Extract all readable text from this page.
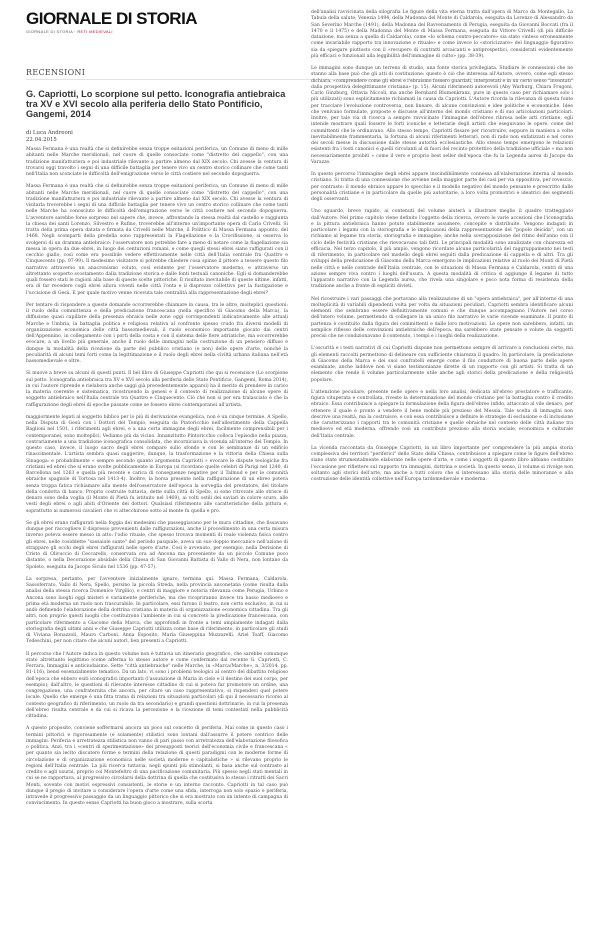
GIORNALE DI STORIA
GIORNALE DI STORIA · RETI MEDIEVALI
RECENSIONI
G. Capriotti, Lo scorpione sul petto. Iconografia antiebraica tra XV e XVI secolo alla periferia dello Stato Pontificio, Gangemi, 2014
di Luca Andreoni
22.04.2015

Massa Fermana è una realtà che si definirebbe senza troppe esitazioni periferica, un Comune di meno di mille abitanti nelle Marche meridionali, nel cuore di quelle consociate come "distretto del cappello", con una tradizione manifatturiera e poi industriale rilevante a partire almeno dal XIX secolo. Chi avesse la ventura di trovarsi oggi travolto i segni di una difficile battaglia per tenere vivo un centro storico collinare che come tanti nell'Italia non sconciate le difficoltà dell'emigrazione verso le città costiere nel secondo dopoguerra.

Massa Fermana è una realtà che si definirebbe senza troppe esitazioni periferica, un Comune di meno di mille abitanti nelle Marche meridionali, nel cuore di quelle consociate come "distretto del cappello", con una tradizione manifatturiera e poi industriale rilevante a partire almeno dal XIX secolo. Chi avesse la ventura di visitarla troverebbe i segni di una difficile battaglia per tenere vivo un centro storico collinare che come tanti nelle Marche ha conosciuto le difficoltà dell'emigrazione verso le città costiere nel secondo dopoguerra. L'avventore sarebbe forse sorpreso nel sapere che, invece, affrontando la stessa realtà dal castello e raggiunta la chiesa dei santi Lorenzo, Silvestro e Rufino, troverebbe all'interno un'importante opera di Carlo Crivelli. Si tratta della prima opera datata e firmata da Crivelli nelle Marche, il Polittico di Massa Fermana appunto, del 1468. Negli scomparti della predella sono rappresentati la Flagellazione e la Crocifissione, si osserva lo svolgersi di un dramma antiebraico: l'osservatore non potrebbe fare a meno di notare come la flagellazione sia messa in opera da due ebrei, in luogo dei centurioni romani, e come quegli stessi ebrei siano raffigurati con il cecchio giallo, così come era possibile vedere effettivamente nelle città dell'Italia centrale fra Quattro e Cinquecento (pp. 97-99). Il medesimo visitatore si potrebbe chiedere cosa spinse il pittore a tessere questo filo narrativo attraverso un anacronismo voluto, così evidente per l'osservatore moderno, e attraverso un altrettanto scoperto scostamento dalla tradizione storica e dalle fonti testuali canoniche. Egli si domanderebbe quali fossero stati le ragioni alla base di queste scelte pittoriche. Il risultato inevitabile di queste ultime, infatti, era di far recedere cogli ebrei allora viventi nelle città l'onta e il disprezzo collettivo per la fustigazione e l'uccisione di Gesù. E per quale motivo venne ricevuta tale centralità alla rappresentazione degli ebrei?

Per tentare di rispondere a queste domande occorrerebbe chiamare in causa, tra le altre, molteplici questioni: il ruolo della committenza e della predicazione francescana (nella specifico di Giacomo della Marca), la diffusione quasi capillare della presenza ebraica nelle zone oggi corrispondenti indicativamente alle attuali Marche e Umbria, la battaglia politica e religiosa relativa al confronto spesso crudo fra diversi modelli di organizzazione economica delle città bassomedievali, il ruolo economico importante giocato dai centri dell'Appennino, in collegamento con i porti della costa e con il sistema delle fiere adriatiche, ma occorrerebbe evocare, a un livello più generale, anche il ruolo delle immagini nella costruzione di un pensiero diffuso e dunque la modalità della ricezione da parte del pubblico cristiano (e non) delle opere d'arte, nonché la peculiarità di alcuni temi forti come la legittimazione e il ruolo degli ebrei nella civiltà urbana italiana nell'età bassomedievale e oltre.

Si muove a breve su alcuni di questi punti. Il bel libro di Giuseppe Capriotti che qui si recensisce (Lo scorpione sul petto. Iconografia antiebraica tra XV e XVI secolo alla periferia dello Stato Pontificio, Gangemi, Roma 2014), in cui l'autore riprende e rielabora anche saggi già precedentemente apparsi) ha il merito di prendere in carico la materia coerente e sistematica, ricostruendo la genesi e il contesto di realizzazione di alcune opere di soggetto antiebraico nell'Italia centrale tra Quattro e Cinquecento. Ciò che non si per era tralasciato è che la raffigurazione degli ebrei di epoche passate come se fossero ebrei contemporanei all'artista,

maggiormente legati al soggetto biblico per lo più di derivazione evangelica, non è un cinque termine. A Spello, nella Disputa di Gesù con i Dottori del Tempio, eseguita da Pintoricchio nell'allestimento della Cappella Baglioni nel 1501, i riferimenti agli ebrei, e a una certa immagine degli ebrei, facilmente comprensibili per i contemporanei, sono molteplici. Vediamo più da vicino. Innanzitutto Pintoricchio colloca l'episodio nella piazza, contrariamente a una tradizione iconografica consolidata, che incorniciava la vicenda all'interno del Tempio. In questo caso, invece, il luogo sacro degli ebrei compare sullo sfondo e con le sembianze di un edificio rinascimentale. L'artista sembra quasi suggerire, dunque, la trasformazione e la vittoria della Chiesa sulla Sinagoga: e probabilmente « sempre secondo quanto argomenta Capriotti » evocare le dispute teologiche fra cristiani ed ebrei che si erano svolte pubblicamente in Europa (si ricordano quelle celebri di Parigi nel 1240, di Barcellona nel 1263 e quella più recente e carica di conseguenze negative per il Talmud e per le comunità ebraiche spagnole di Tortosa nel 1413-4). Inoltre, la borsa presente nella raffigurazione di un ebreo poteva senza troppa fatica richiamare alla mente dell'osservatore dell'epoca la sorveglia del prestatore, del titolare della condotta di banco. Proprio costruite tuttavia, dette sulla città di Spello, si sono ritrovate alle strisce di denaro sono della voglia (il Monte di Pietà fu istituito nel 1469), ai volti ostili dei saviari in colore scuro, alle vesti degli ebrei o agli abiti d'Oriente dei dottori. Qualsiasi riferimento alle caratteristiche della pittura e, soprattutto ai numerosi cavalieri che vi attecchirono sotto al monte fu quella e pro.

Se gli ebrei erano raffigurati nella foggia dei medesimi che passeggiavano per le mura cittadine, che fissavano dunque per raccogliere il dispresso provenienti dalle raffigurazioni, anche il procedimento in una certa misura inverso poteva essere messo in atto: l'odio rituale, che spesso trovava momenti di reale violenza fisica contro gli ebrei, nelle cosiddette "sassaiole sante" del periodo pasquale, aveva un suo doppio meccanico nell'azione di strappare gli occhi degli ebrei raffigurati nelle opere d'arte. Così è avvenuto, per esempio, nella Derisione di Cristo di Olivuccio di Ceccarello, conservata ora ad Ancona ma proveniente da un piccolo Comune poco distante, o nella Decorazione absidale della Chiesa di San Giovanni Battista di Vallo di Nera, non lontano da Spoleto, eseguita da Jacopo Siculo nel 1536 (pp. 47-57).

La sorpresa, pertanto, per l'avventore inizialmente ignaro, termina qui. Massa Fermana, Caldarola, Sassoferrato, Vallo di Nera, Spello, persino la piccola Streda, nella provincia anconetana (come risulta dalla analisi della stessa ricerca Domenico Virgilio), e centri di maggiore e notoria rilevanza come Perugia, Urbino e Ancona sono luoghi oggi misteri e variamente periferiche, ma che ricopriranno invece tra basso medioevo e prima età moderna un ruolo non trascurabile. In particolare, essi furono il teatro, non certo esclusivo, in cui si andò definendo l'elaborazione della dottrina cristiana in materia di organizzazione economica cittadina. Tra gli altri, non proprio questi luoghi che costituirono l'ambiente in cui si concretò la predicazione francescana, con particolare riferimento a Giacomo della Marca, che approfondì in fronte a temi ampiamente indagati dalla storiografia degli ultimi anni e che Giuseppe Capriotti utilizza come base di riferimento, in particolare gli studi di Viviana Bonazzoli, Mauro Carboni, Anna Esposito, Maria Giuseppina Muzzarelli, Ariel Toaff, Giacomo Todeschini, per non citare che alcuni autori, ben presenti a Capriotti.

Il percorso che l'Autore indica in questo volume non è tuttavia un itinerario geografico, che sarebbe comunque stato altrettanto legittimo (come afferma lo stesso autore e come confermato dal recente G. Capriotti, C. Ferrara, Immagini e anticiudaismo. Sette "città antiebraiche" nelle Marche, in «Marca/Marche», n. 3/2014, pp. 81-116), bensì essenzialmente tematico. Da un lato, vi sono i problemi teologici al centro del dibattito religioso dell'epoca che ebbero esiti iconografici importanti (l'assunzione di Maria in cielo e il destino dei suoi corpo, per esempio); dall'altro, le questioni di rilevante interesse cittadino di cui si poteva far promotore un ordine, una congregazione, una confraternita che ancora, per citare un caso rappresentativo, si rispendevi quel potere locale. Quello che emerge è una fitta trama di relazioni tra situazioni particolari (di qui il necessario ricorso al contesto geografico di riferimento, un ruolo da tra secondario) e grandi questioni dottrinarie, in cui la presenza dell'ebreo risulta centrale e da cui si ricava la percezione e la ricezione di temi contestati nella pubblicità cittadina.

A questo proposito, conviene soffermarsi ancora un poco sul concetto di periferia. Mai come in questo caso i termini pittorici e rigorosamente (e solamente) stilistici sono lontani dall'assurre il potere centrico delle immagini. Periferia e arretratezza stilistica non vanno di pari passo con arretratezza dell'elaborazione filosofica o politica. Anzi, tra i «centri di sperimentazione» dei presupposti teorici dell'economia civile e francescana « per quanto sia lecito discutere forme e termini della relazione di questi paradigmi con le moderne forme di circolazione e di organizzazione economica nelle società moderne e capitalistiche » si rilevano proprio le regioni dell'Italia centrale. La più ricerca tuttavia, negli spunti più stimolanti, si basa anche sul contrasto al credito e agli usurai, proprio coi Montefeltro di una pacificazione comunitaria. Più spesso negli stati mentali in cui se ne rapportava, al progressivo circolarsi della dottrina di quella che costitusiva lo stesso i ritratti dei Sacri Monti, sovente con motivi espressivi consistenti, le storie e un interno racconto. Capriotti in tal caso può dunque il pregio di invitare a considerare l'opera d'arte come una sfida, interroga non solo spazio e periferia, intravede il progressivo passaggio da un linguaggio pittorico che si era mostrato con un intento di campagna di convincimento. In questo senso Capriotti ha buon gioco a mostrare, sulla scorta

dell'analisi ravvicinata della silografia Le figure della vita eterna tratta dall'opera di Marco da Montegallo, La Tabula della salute, Venezia 1494, della Madonna del Monte di Caldarola, eseguita da Lorenzo di Alessandro da San Severino Marche (1491), della Madonna del Ravvenamento di Perugia, eseguita da Giovanni Boccati (fra il 1470 e il 1475) e della Madonna del Monte di Massa Fermana, eseguita da Vittore Crivelli (di più difficile datazione, ma senza a quella di Caldarola), come «lo schema contro-peccatore» sia stato «inteso erroneamente come invariabile rapporto tra innovazione e rituale» e come invece lo «storicizzare» del linguaggio figurativo sia da spiegare piuttosto con il «recupero di contratti arcaicanti e antiprospettici, considerati evidentemente più efficaci e funzionali alla leggibilità dell'immagine di culto» (pp. 38-39).

Le immagini sono dunque un terreno di studio, una fonte storica privilegiata. Studiare le connessioni che ne stanno alla base può che gli atti di costituzione: questo è ciò che interessa all'Autore, ovvero, come egli stesso dichiara, «comprendere come gli ebrei e l'ebraismo fossero guardati, interpretati e in un certo senso "inventati" dalla prospettiva delegittimante cristiana» (p. 15). Alcuni riferimenti autorevoli (Aby Warburg, Chiara Frugoni, Carlo Ginzburg, Ottavia Niccoli, ma anche Bernhard Blumenkranz, pure in questo caso per richiamare solo i più utilizzati) sono esplicitamente richiamati in causa da Capriotti. L'Autore ricorda la rilevanza di questa fonte per tracciare l'evoluzione controversa, non lineare, di alcune convinzioni e idee politiche e economiche. Idee che venivano formulate, proposte e discusse all'interno del mondo cristiano e di suo articolazioni particolari. Inoltre, per tale via di ricerca a sempre ravvicinato l'immagine dell'ebreo ribrosa nelle arti cristiane, egli intende mostrare quali fossero le forti iconiche e letterarie degli artisti che eseguivano le opere, come del committenti che le ordinavano. Allo stesso tempo, Capriotti fissare per ricostruire, seppure in maniera a volte inevitabilmente frammentaria, la fortuna di alcuni riferimenti letterari, non di rado non enfatizzati e nel corso dei secoli messe in discussione dalle stesse autorità ecclesiastiche. Allo stesso tempo emergono le relazioni esistenti fra i testi canonici e quelli circolanti al di fuori del recinto protettivo della tradizione ufficiale « ma non necessariamente proibiti » come il vero e proprio best seller dell'epoca che fu la Legenda aurea di Jacopo da Varazze.

In questo percorso l'immagine degli ebrei appare inscindibilmente connessa all'elaborazione interna al mondo cristiano. Si tratta di una connessione che avviene nella maggior parte dei casi per via oppositiva, per rovescio, per contrasto: il mondo ebraico appare lo specchio e il modello negativo del mondo pensante e prescritto dalle personalità cristiane e in particolare da quelle più autoritarie, a loro volta promotrici e ideatrici dei segmenti degli osservanti.

Uno sguardo, breve rapido, ai contenuti del volume aiuterà a illustrare meglio il quadro tratteggiato dall'Autore. Nel primo capitolo viene definito l'oggetto della ricerca, ovvero le varie accezioni che l'iconografia e la pittura antiebraica hanno potuto stabilmente assumere, concepite e distribuite. Vengono indagati in particolare i legami con la storiografia e le implicazioni della rappresentazione del "popolo deicida", con un richiamo al legame tra storia, storiografia e immagine, anche nella sovrapposizione del ritmo dell'anno con il ciclo delle festività cristiane che rievocavano tali fatti. Le principali modalità sono analizzate con chiarezza ed efficacia. Nel terzo capitolo, il più ampio, vengono ricordate alcune particolarità del raggruppamento nei testi di riferimento, in particolare nel modello degli ebrei seguiti dalla predicazione di cappella e di altri. Tra gli sviluppi della predicazione di Giacomo della Marca emergono le implicazioni relative al ruolo dei Monti di Pietà nelle città e nelle contrade dell'Italia centrale, con le situazioni di Massa Fermana e Caldarola, centri di una azione sempre viva contro i luoghi dell'usura. A questa modalità di critica si aggiunge il legame di tutto l'apparato narrativo con la Legenda aurea, che rivela una singolare e poco nota forma di resistenza della tradizione anche a fronte di espliciti divieti.

Nel ricostruire i vari passaggi che portavano alla realizzazione di un "opera antiebraica", per all'interno di una molteplicità di variabili dipendenti volta per volta da situazioni peculiari, Capriotti sembra identificare alcuni elementi che sembrano essere definitivamente comuni e che dunque accompagnano l'Autore nel corso dell'intero volume, permettendo di collegare in un unico filo narrativo le varie vicende esaminate. Il punto di partenza è costituito dalla figura dei committenti e dalle loro motivazioni. Le opere non sarebbero, infatti, un semplice riflesso delle convinzioni antiebraiche dell'epoca, ma sarebbero state pensate e volute da soggetti precisi che ne condizionavano il contenuto, i tempi e i luoghi della realizzazione.

L'oscurità e i testi narrativi di cui Capriotti dispone non permettono sempre di arrivare a conclusioni certe, ma gli elementi raccolti permettono di delineare con sufficiente chiarezza il quadro. In particolare, la predicazione di Giacomo della Marca e dei suoi confratelli emerge come il filo conduttore di buona parte delle opere esaminate, anche laddove non vi siano testimonianze dirette di un rapporto con gli artisti. Si tratta di un elemento che rende il volume particolarmente utile anche agli storici della predicazione e della religiosità popolare.

L'attenzione peculiare, presente nelle opere e nella loro analisi, dedicata all'ebreo prestatore e trafficante, figura vituperata e controllata, riveste la determinazione del mondo cristiano per la battaglia contro il credito ebraico. Essa contribuisce a spiegare la formulazione della figura dell'ebreo infido, attaccato al vile denaro, per ottenere il quale è pronto a vendere il bene mobile più prezioso del Messia. Tale scelta di immagini non descrive una realtà, ma la costruisce, e con essa contribuisce a definire le strategie di esclusione e di inclusione che caratterizzano i rapporti tra le comunità cristiane e quelle ebraiche nel contesto delle città italiane tra medioevo ed età moderna, offrendo così un contributo prezioso alla storia sociale, economica e culturale dell'Italia centrale.

La vicenda raccontata da Giuseppe Capriotti, in un libro importante per comprendere la più ampia storia complessiva dei territori "periferici" dello Stato della Chiesa, contribuisce a spiegare come le figure dell'ebreo siano state strumentalmente elaborate nelle opere d'arte, e come i soggetti di questo libro abbiano costituito l'occasione per riflettere sul rapporto tra immagini, dottrina e società. In questo senso, il volume si rivolge non soltanto agli storici dell'arte, ma anche a tutti coloro che si interessano alla storia delle minoranze e alla costruzione delle identità collettive nell'Europa tardomedievale e moderna.
